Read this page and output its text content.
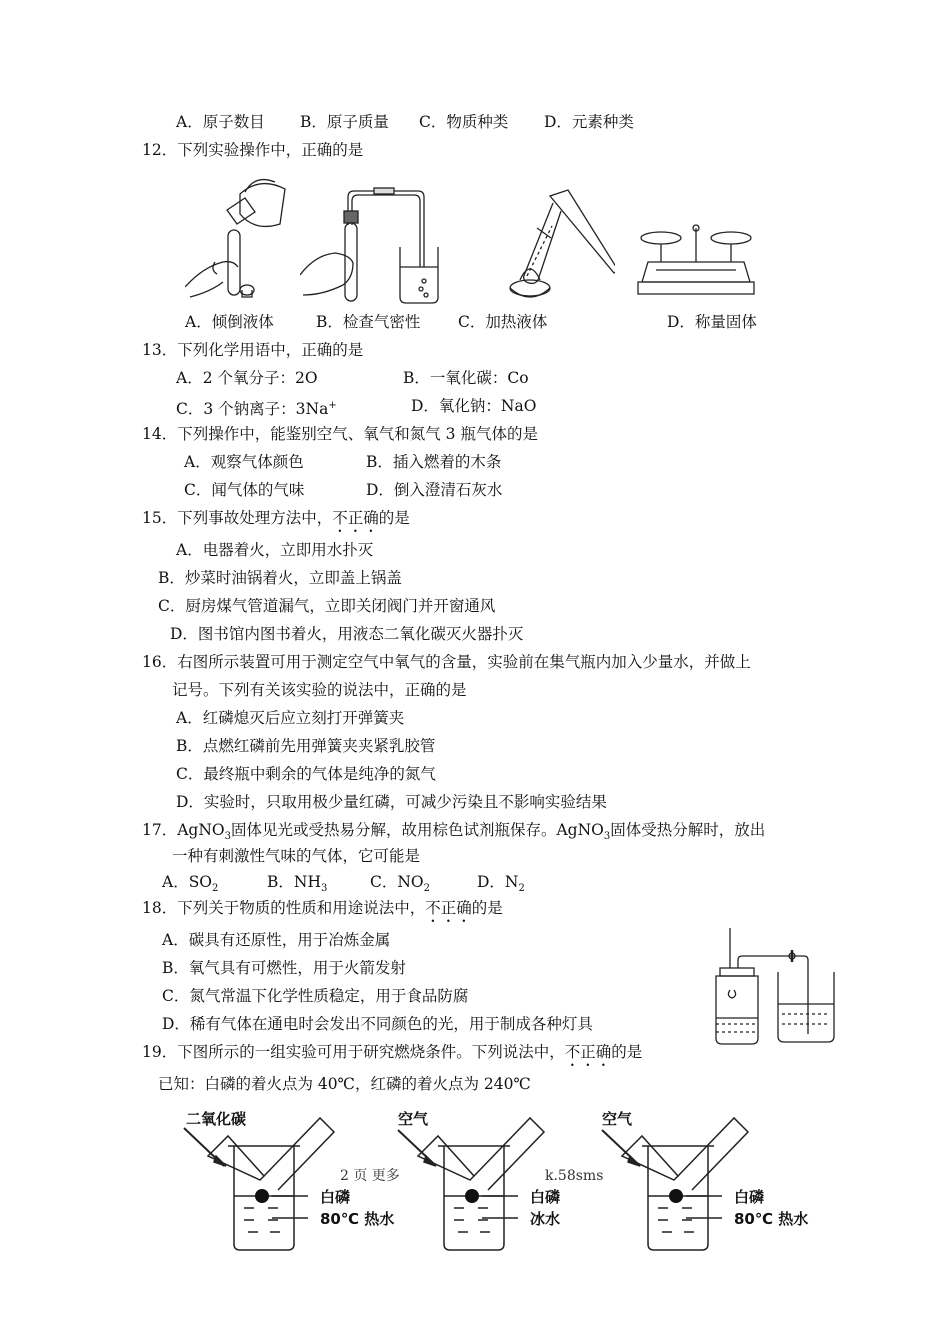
A．原子数目 B．原子质量 C．物质种类 D．元素种类
12．下列实验操作中，正确的是
A．倾倒液体	B．检查气密性 C．加热液体	D．称量固体
13．下列化学用语中，正确的是
A．2 个氧分子：2O	B．一氧化碳：Co
C．3 个钠离子：3Na+	D．氧化钠：NaO
14．下列操作中，能鉴别空气、氧气和氮气 3 瓶气体的是
A．观察气体颜色	B．插入燃着的木条
C．闻气体的气味	D．倒入澄清石灰水
15．下列事故处理方法中，不正确的是
A．电器着火，立即用水扑灭
B．炒菜时油锅着火，立即盖上锅盖
C．厨房煤气管道漏气，立即关闭阀门并开窗通风
D．图书馆内图书着火，用液态二氧化碳灭火器扑灭
16．右图所示装置可用于测定空气中氧气的含量，实验前在集气瓶内加入少量水，并做上
记号。下列有关该实验的说法中，正确的是
A．红磷熄灭后应立刻打开弹簧夹
B．点燃红磷前先用弹簧夹夹紧乳胶管
C．最终瓶中剩余的气体是纯净的氮气
D．实验时，只取用极少量红磷，可减少污染且不影响实验结果
17．AgNO$_3$固体见光或受热易分解，故用棕色试剂瓶保存。AgNO$_3$固体受热分解时，放出
一种有刺激性气味的气体，它可能是
A．$SO_2$	B．$NH_3$	C．$NO_2$	D．$N_2$
18．下列关于物质的性质和用途说法中，不正确的是
A．碳具有还原性，用于冶炼金属
B．氧气具有可燃性，用于火箭发射
C．氮气常温下化学性质稳定，用于食品防腐
D．稀有气体在通电时会发出不同颜色的光，用于制成各种灯具
19．下图所示的一组实验可用于研究燃烧条件。下列说法中，不正确的是
已知：白磷的着火点为 40℃，红磷的着火点为 240℃
二氧化碳
白磷
80℃ 热水
空气
白磷
冰水
空气
白磷
80℃ 热水
2 页 更多	k.58sms
